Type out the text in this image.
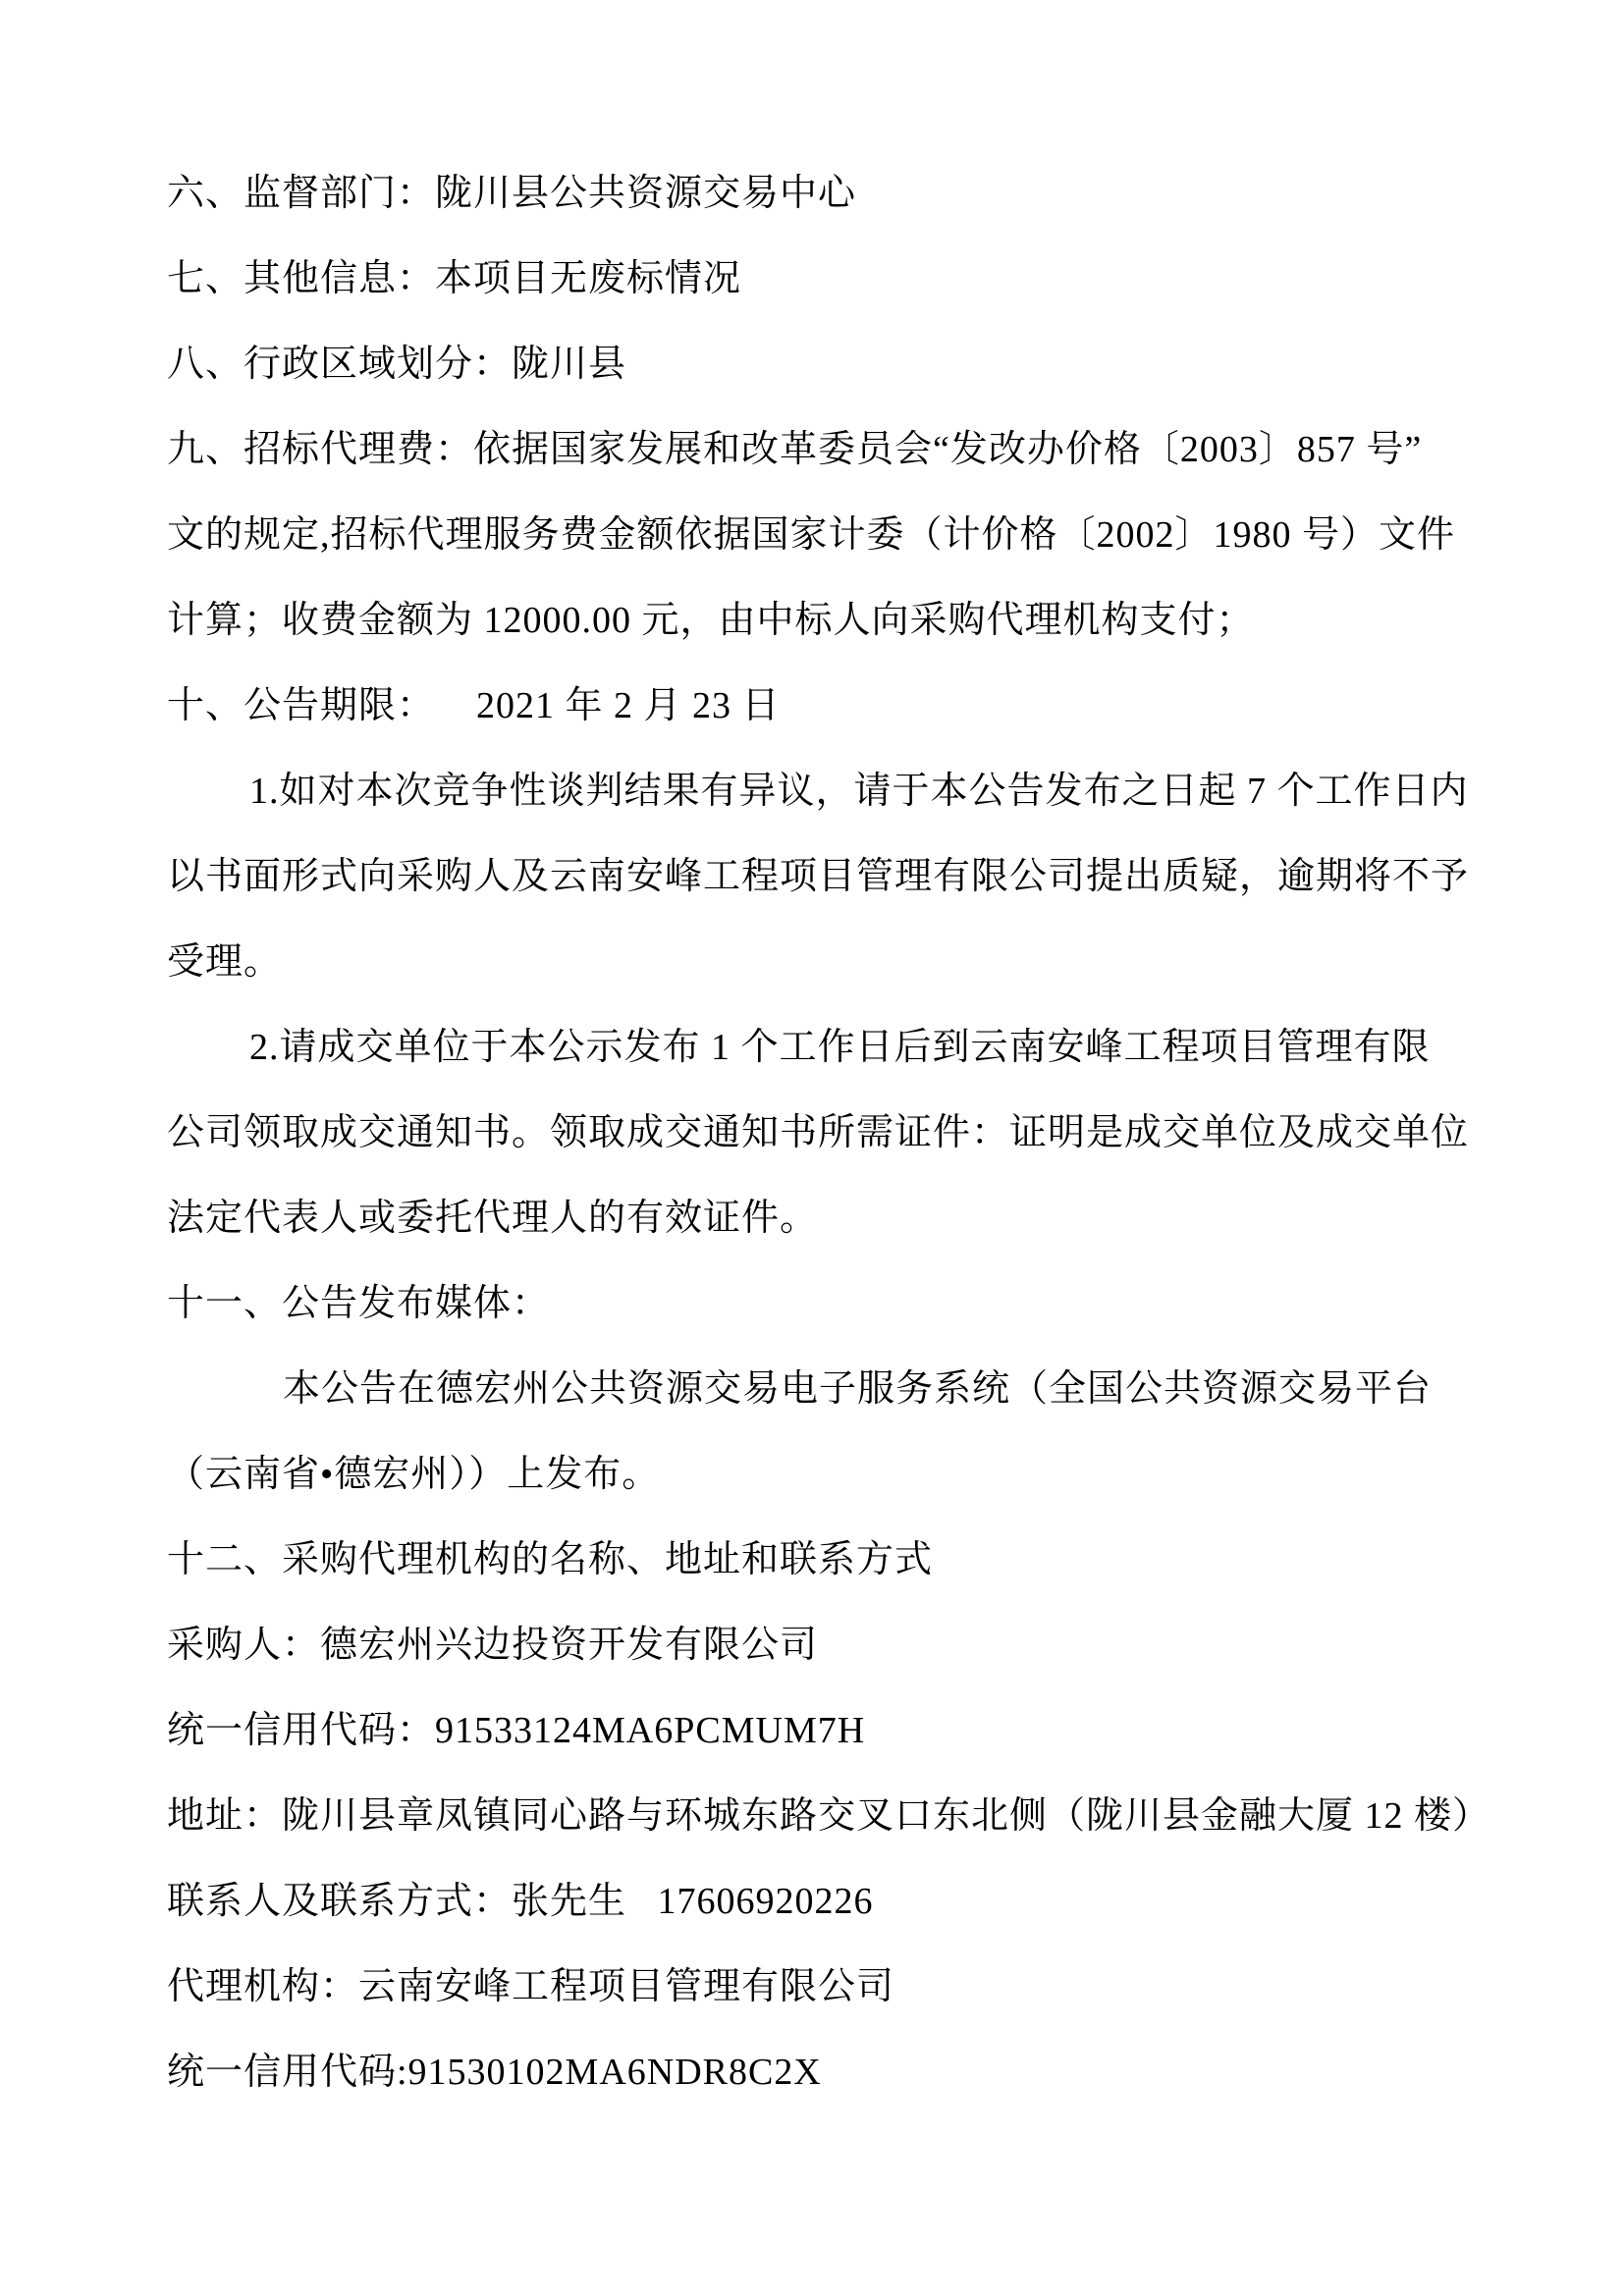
六、监督部门：陇川县公共资源交易中心
七、其他信息：本项目无废标情况
八、行政区域划分：陇川县
九、招标代理费：依据国家发展和改革委员会“发改办价格〔2003〕857 号”
文的规定,招标代理服务费金额依据国家计委（计价格〔2002〕1980 号）文件
计算；收费金额为 12000.00 元，由中标人向采购代理机构支付；
十、公告期限：    2021 年 2 月 23 日
1.如对本次竞争性谈判结果有异议，请于本公告发布之日起 7 个工作日内
以书面形式向采购人及云南安峰工程项目管理有限公司提出质疑，逾期将不予
受理。
2.请成交单位于本公示发布 1 个工作日后到云南安峰工程项目管理有限
公司领取成交通知书。领取成交通知书所需证件：证明是成交单位及成交单位
法定代表人或委托代理人的有效证件。
十一、公告发布媒体：
本公告在德宏州公共资源交易电子服务系统（全国公共资源交易平台
（云南省•德宏州））上发布。
十二、采购代理机构的名称、地址和联系方式
采购人：德宏州兴边投资开发有限公司
统一信用代码：91533124MA6PCMUM7H
地址：陇川县章凤镇同心路与环城东路交叉口东北侧（陇川县金融大厦 12 楼）
联系人及联系方式：张先生   17606920226
代理机构：云南安峰工程项目管理有限公司
统一信用代码:91530102MA6NDR8C2X
